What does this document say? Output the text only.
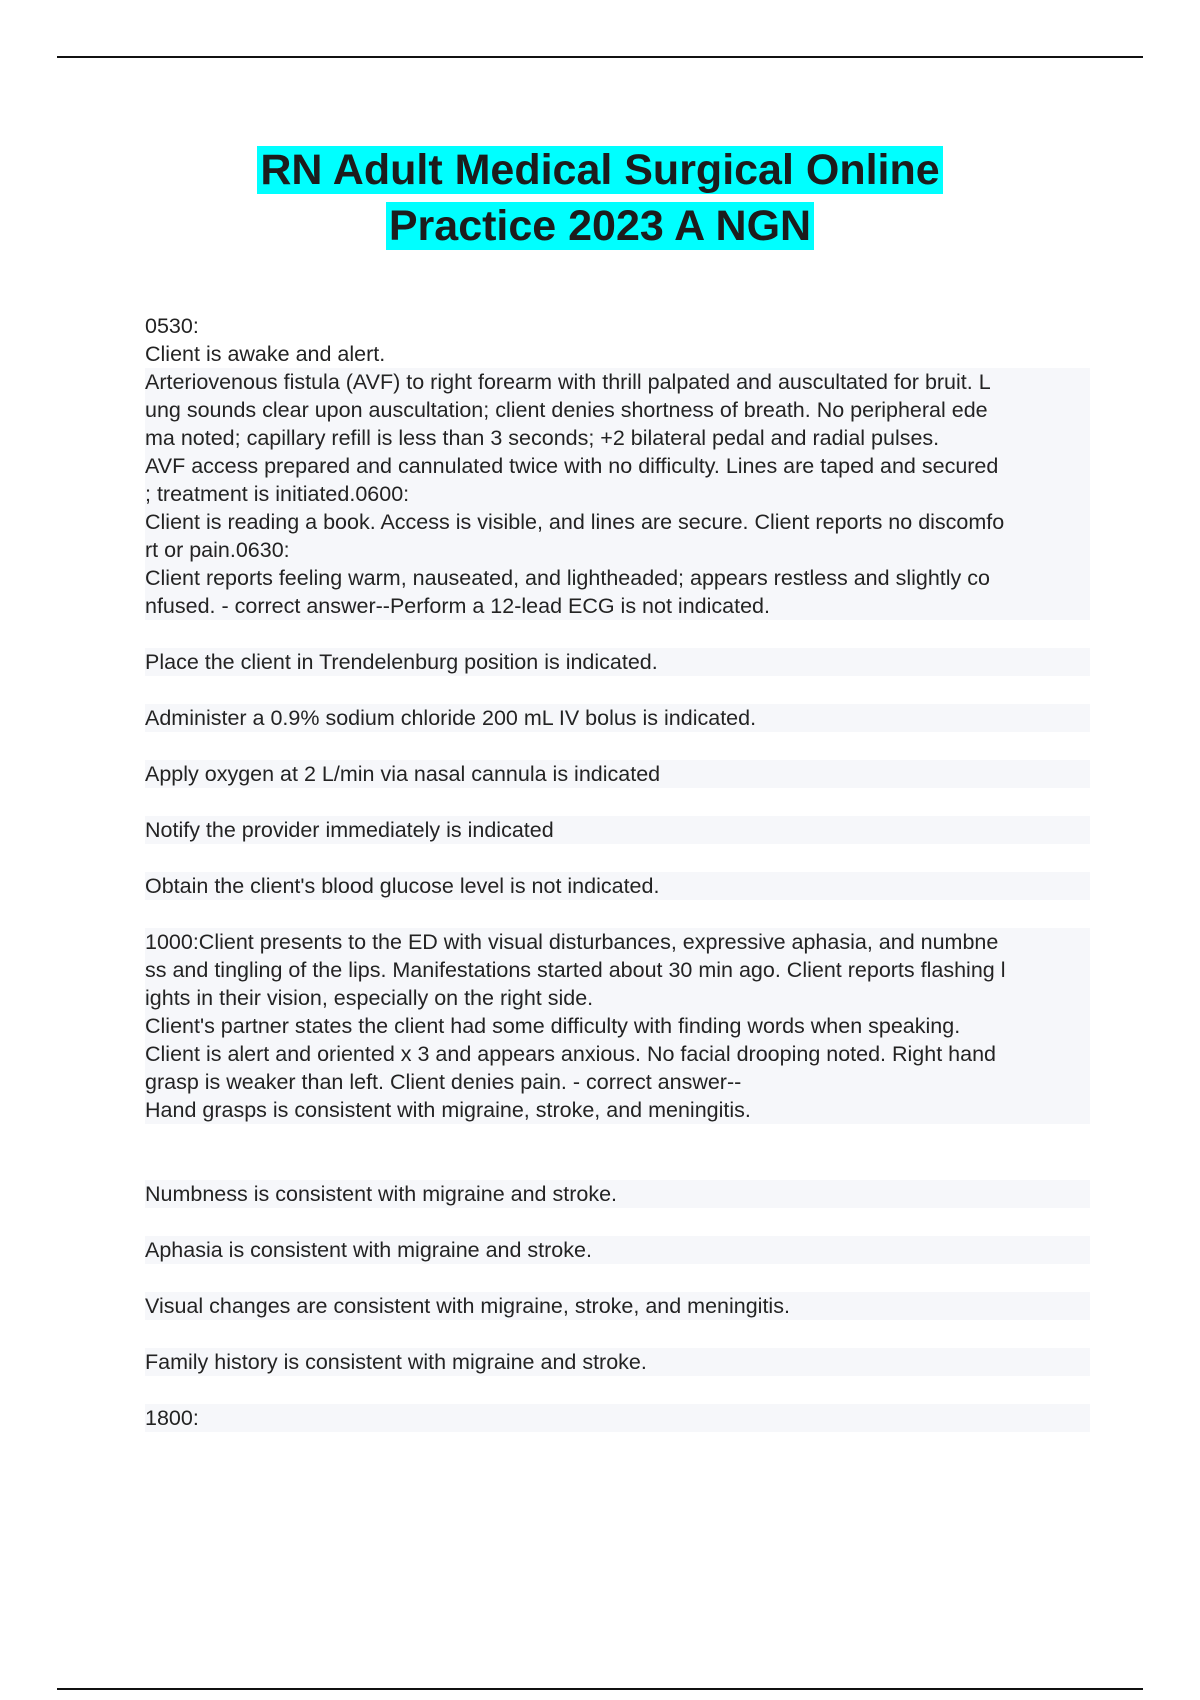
RN Adult Medical Surgical Online
Practice 2023 A NGN
0530:
Client is awake and alert.
Arteriovenous fistula (AVF) to right forearm with thrill palpated and auscultated for bruit. L
ung sounds clear upon auscultation; client denies shortness of breath. No peripheral ede
ma noted; capillary refill is less than 3 seconds; +2 bilateral pedal and radial pulses.
AVF access prepared and cannulated twice with no difficulty. Lines are taped and secured
; treatment is initiated.0600:
Client is reading a book. Access is visible, and lines are secure. Client reports no discomfo
rt or pain.0630:
Client reports feeling warm, nauseated, and lightheaded; appears restless and slightly co
nfused. - correct answer--Perform a 12-lead ECG is not indicated.
Place the client in Trendelenburg position is indicated.
Administer a 0.9% sodium chloride 200 mL IV bolus is indicated.
Apply oxygen at 2 L/min via nasal cannula is indicated
Notify the provider immediately is indicated
Obtain the client's blood glucose level is not indicated.
1000:Client presents to the ED with visual disturbances, expressive aphasia, and numbne
ss and tingling of the lips. Manifestations started about 30 min ago. Client reports flashing l
ights in their vision, especially on the right side.
Client's partner states the client had some difficulty with finding words when speaking.
Client is alert and oriented x 3 and appears anxious. No facial drooping noted. Right hand
grasp is weaker than left. Client denies pain. - correct answer--
Hand grasps is consistent with migraine, stroke, and meningitis.
Numbness is consistent with migraine and stroke.
Aphasia is consistent with migraine and stroke.
Visual changes are consistent with migraine, stroke, and meningitis.
Family history is consistent with migraine and stroke.
1800:
